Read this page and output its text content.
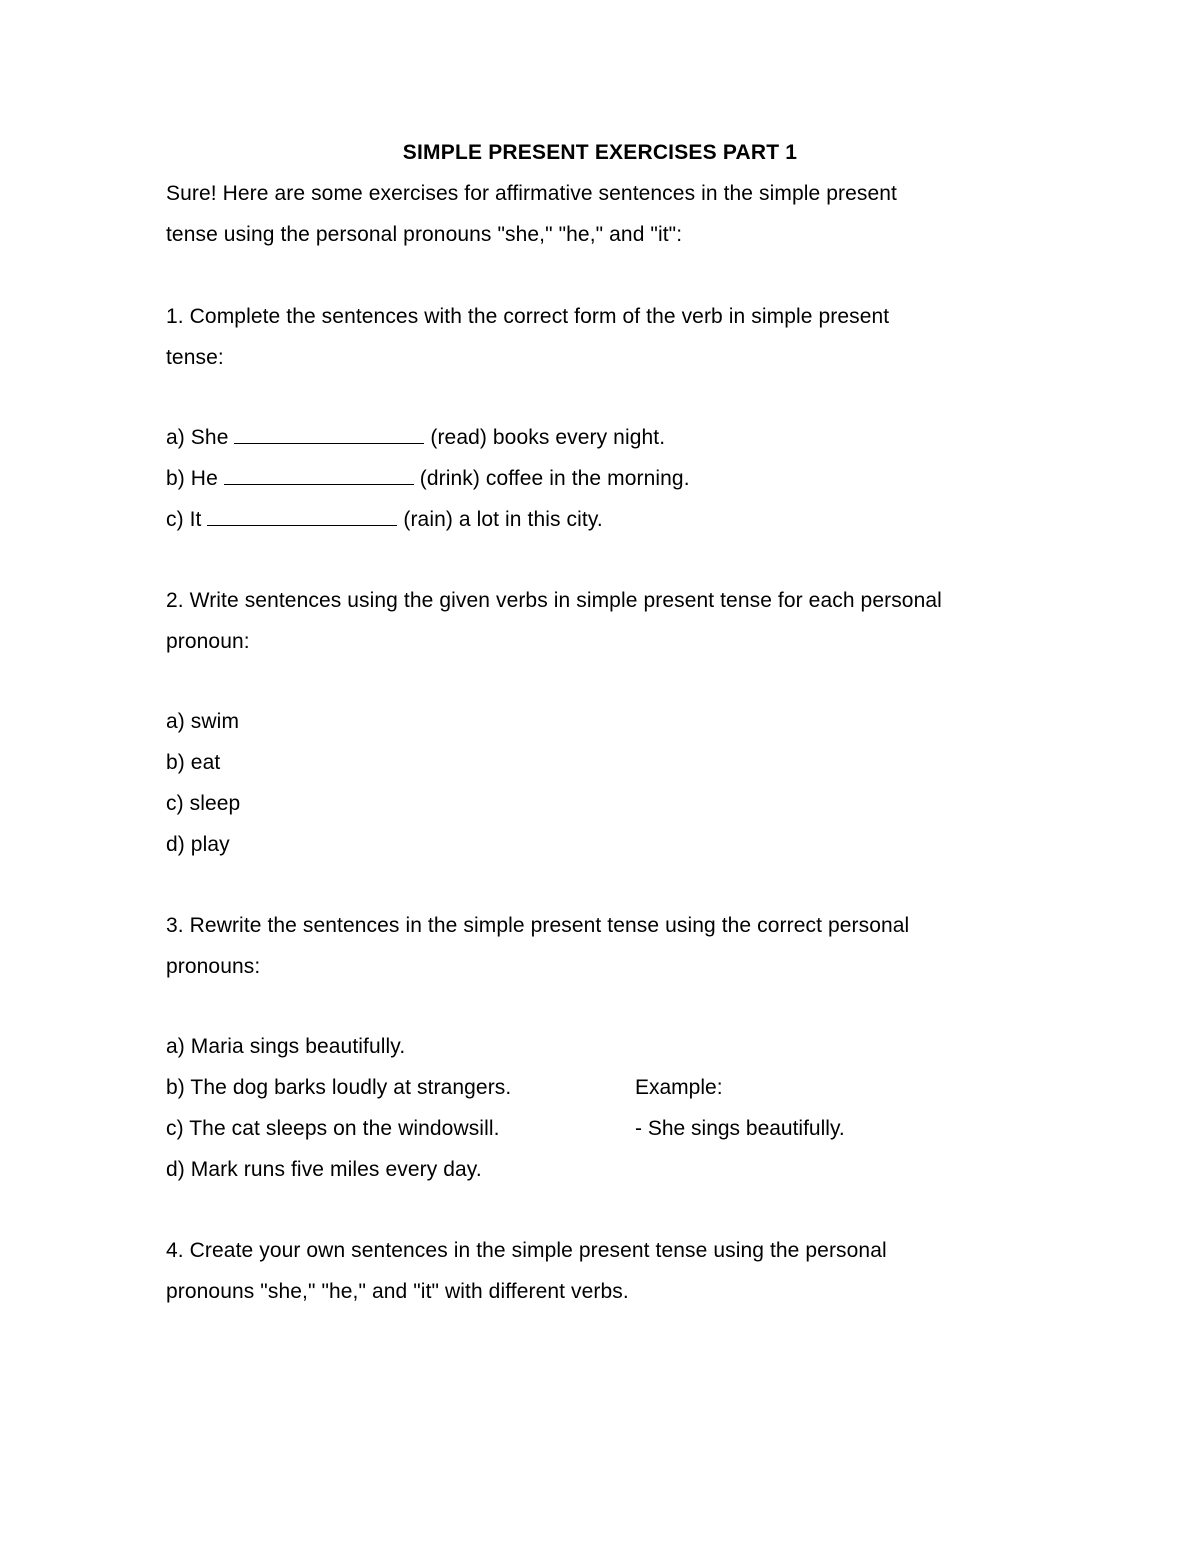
SIMPLE PRESENT EXERCISES PART 1
Sure! Here are some exercises for affirmative sentences in the simple present
tense using the personal pronouns "she," "he," and "it":
1. Complete the sentences with the correct form of the verb in simple present
tense:
a) She	(read) books every night.
b) He	(drink) coffee in the morning.
c) It	(rain) a lot in this city.
2. Write sentences using the given verbs in simple present tense for each personal
pronoun:
a) swim
b) eat
c) sleep
d) play
3. Rewrite the sentences in the simple present tense using the correct personal
pronouns:
a) Maria sings beautifully.
b) The dog barks loudly at strangers.
c) The cat sleeps on the windowsill.
d) Mark runs five miles every day.
Example:
- She sings beautifully.
4. Create your own sentences in the simple present tense using the personal
pronouns "she," "he," and "it" with different verbs.
